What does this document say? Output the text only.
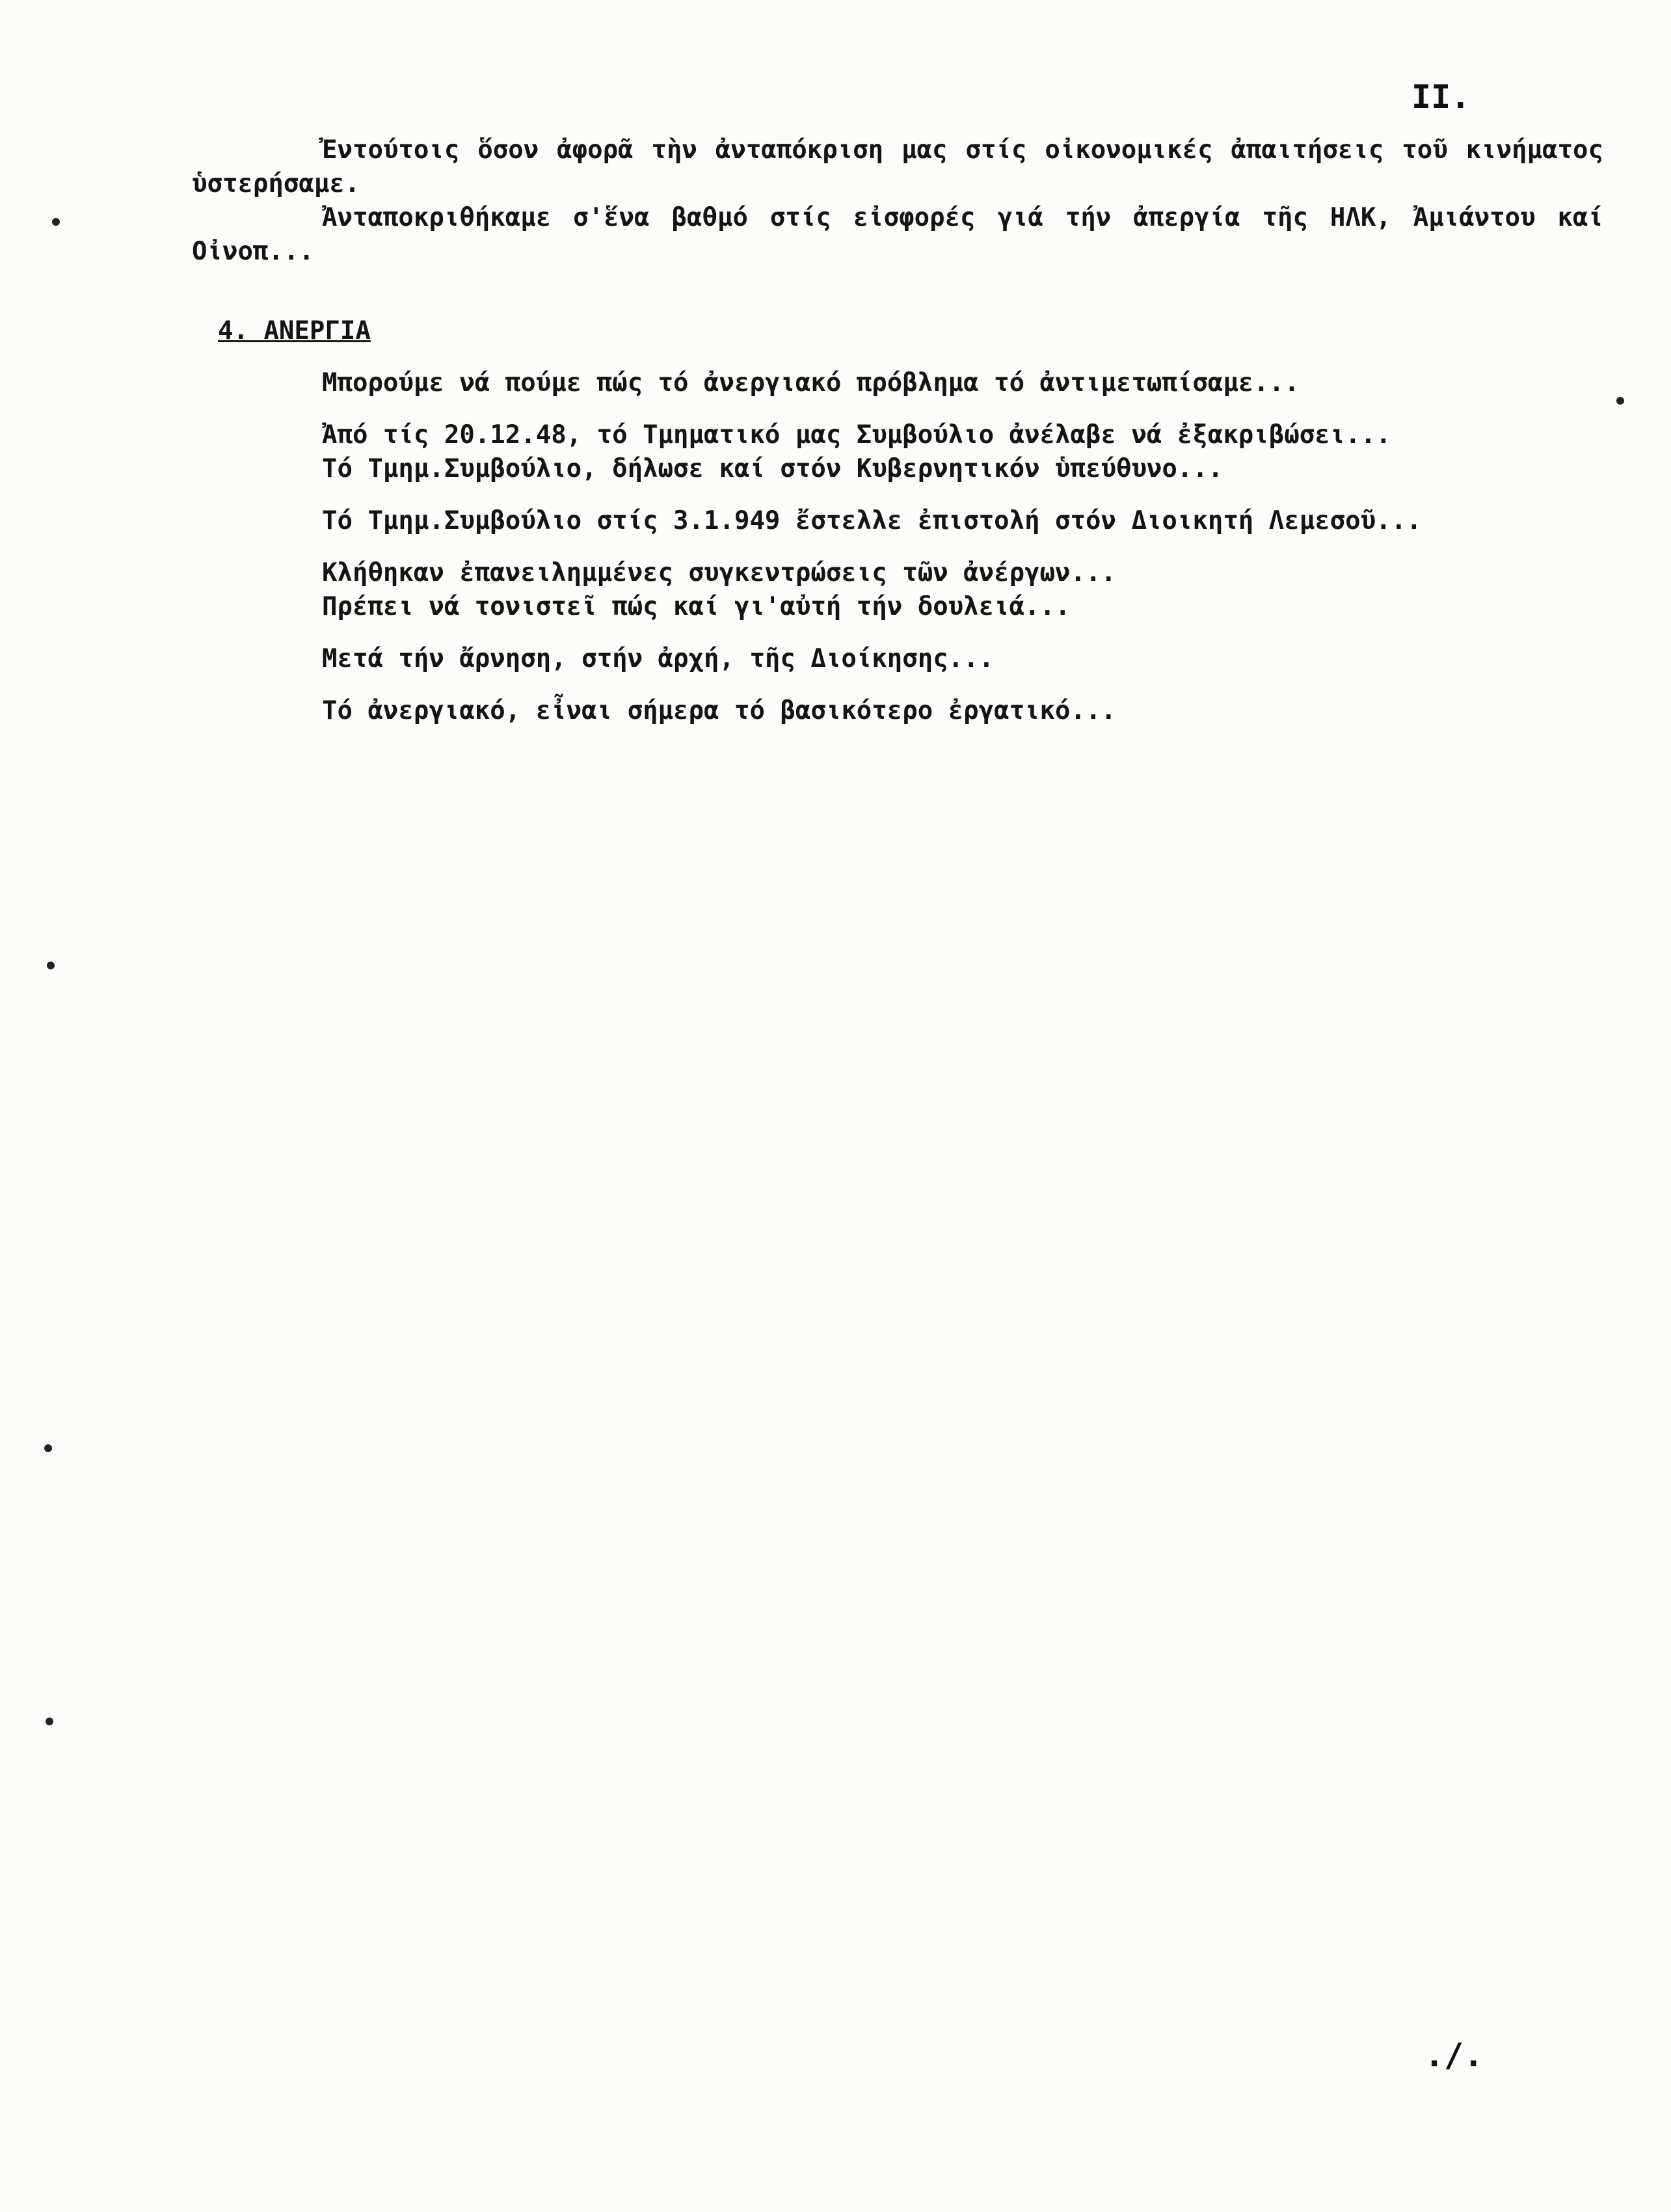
II.

Ἐντούτοις ὅσον ἀφορᾶ τὴν ἀνταπόκριση μας στίς οἰκονομικές ἀπαιτήσεις τοῦ κινήματος ὑστερήσαμε.

Ἀνταποκριθήκαμε σ'ἕνα βαθμό στίς εἰσφορές γιά τήν ἀπεργία τῆς ΗΛΚ, Ἀμιάντου καί Οἰνοπ...

4. ΑΝΕΡΓΙΑ

Μπορούμε νά πούμε πώς τό ἀνεργιακό πρόβλημα τό ἀντιμετωπίσαμε...

Ἀπό τίς 20.12.48, τό Τμηματικό μας Συμβούλιο ἀνέλαβε νά ἐξακριβώσει...

Τό Τμημ.Συμβούλιο, δήλωσε καί στόν Κυβερνητικόν ὑπεύθυνο...

Τό Τμημ.Συμβούλιο στίς 3.1.949 ἔστελλε ἐπιστολή στόν Διοικητή Λεμεσοῦ...

Κλήθηκαν ἐπανειλημμένες συγκεντρώσεις τῶν ἀνέργων...

Πρέπει νά τονιστεῖ πώς καί γι'αὐτή τήν δουλειά...

Μετά τήν ἄρνηση, στήν ἀρχή, τῆς Διοίκησης...

Τό ἀνεργιακό, εἶναι σήμερα τό βασικότερο ἐργατικό...

./.
